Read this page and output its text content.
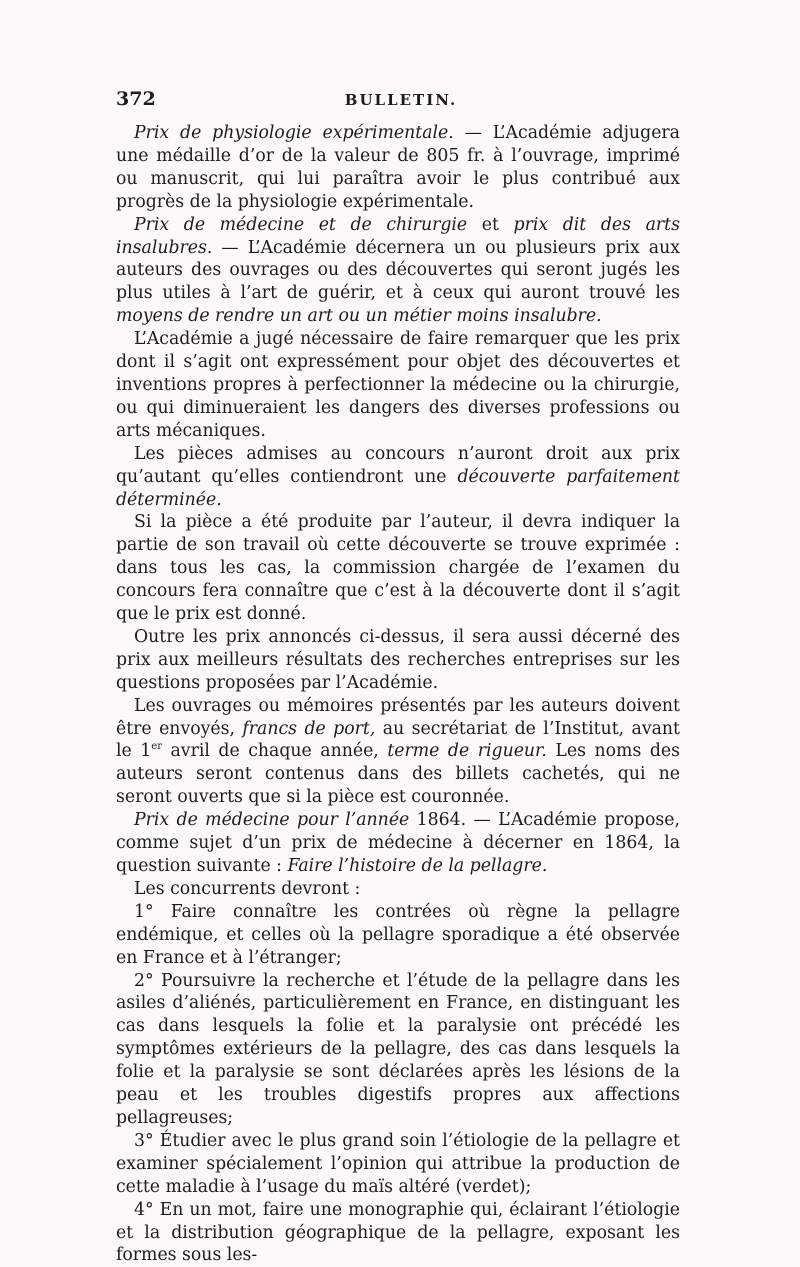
372	BULLETIN.

Prix de physiologie expérimentale. — L’Académie adjugera une médaille d’or de la valeur de 805 fr. à l’ouvrage, imprimé ou manuscrit, qui lui paraîtra avoir le plus contribué aux progrès de la physiologie expérimentale.

Prix de médecine et de chirurgie et prix dit des arts insalubres. — L’Académie décernera un ou plusieurs prix aux auteurs des ouvrages ou des découvertes qui seront jugés les plus utiles à l’art de guérir, et à ceux qui auront trouvé les moyens de rendre un art ou un métier moins insalubre.

L’Académie a jugé nécessaire de faire remarquer que les prix dont il s’agit ont expressément pour objet des découvertes et inventions propres à perfectionner la médecine ou la chirurgie, ou qui diminueraient les dangers des diverses professions ou arts mécaniques.

Les pièces admises au concours n’auront droit aux prix qu’autant qu’elles contiendront une découverte parfaitement déterminée.

Si la pièce a été produite par l’auteur, il devra indiquer la partie de son travail où cette découverte se trouve exprimée : dans tous les cas, la commission chargée de l’examen du concours fera connaître que c’est à la découverte dont il s’agit que le prix est donné.

Outre les prix annoncés ci-dessus, il sera aussi décerné des prix aux meilleurs résultats des recherches entreprises sur les questions proposées par l’Académie.

Les ouvrages ou mémoires présentés par les auteurs doivent être envoyés, francs de port, au secrétariat de l’Institut, avant le 1er avril de chaque année, terme de rigueur. Les noms des auteurs seront contenus dans des billets cachetés, qui ne seront ouverts que si la pièce est couronnée.

Prix de médecine pour l’année 1864. — L’Académie propose, comme sujet d’un prix de médecine à décerner en 1864, la question suivante : Faire l’histoire de la pellagre.

Les concurrents devront :

1° Faire connaître les contrées où règne la pellagre endémique, et celles où la pellagre sporadique a été observée en France et à l’étranger;

2° Poursuivre la recherche et l’étude de la pellagre dans les asiles d’aliénés, particulièrement en France, en distinguant les cas dans lesquels la folie et la paralysie ont précédé les symptômes extérieurs de la pellagre, des cas dans lesquels la folie et la paralysie se sont déclarées après les lésions de la peau et les troubles digestifs propres aux affections pellagreuses;

3° Étudier avec le plus grand soin l’étiologie de la pellagre et examiner spécialement l’opinion qui attribue la production de cette maladie à l’usage du maïs altéré (verdet);

4° En un mot, faire une monographie qui, éclairant l’étiologie et la distribution géographique de la pellagre, exposant les formes sous les-
